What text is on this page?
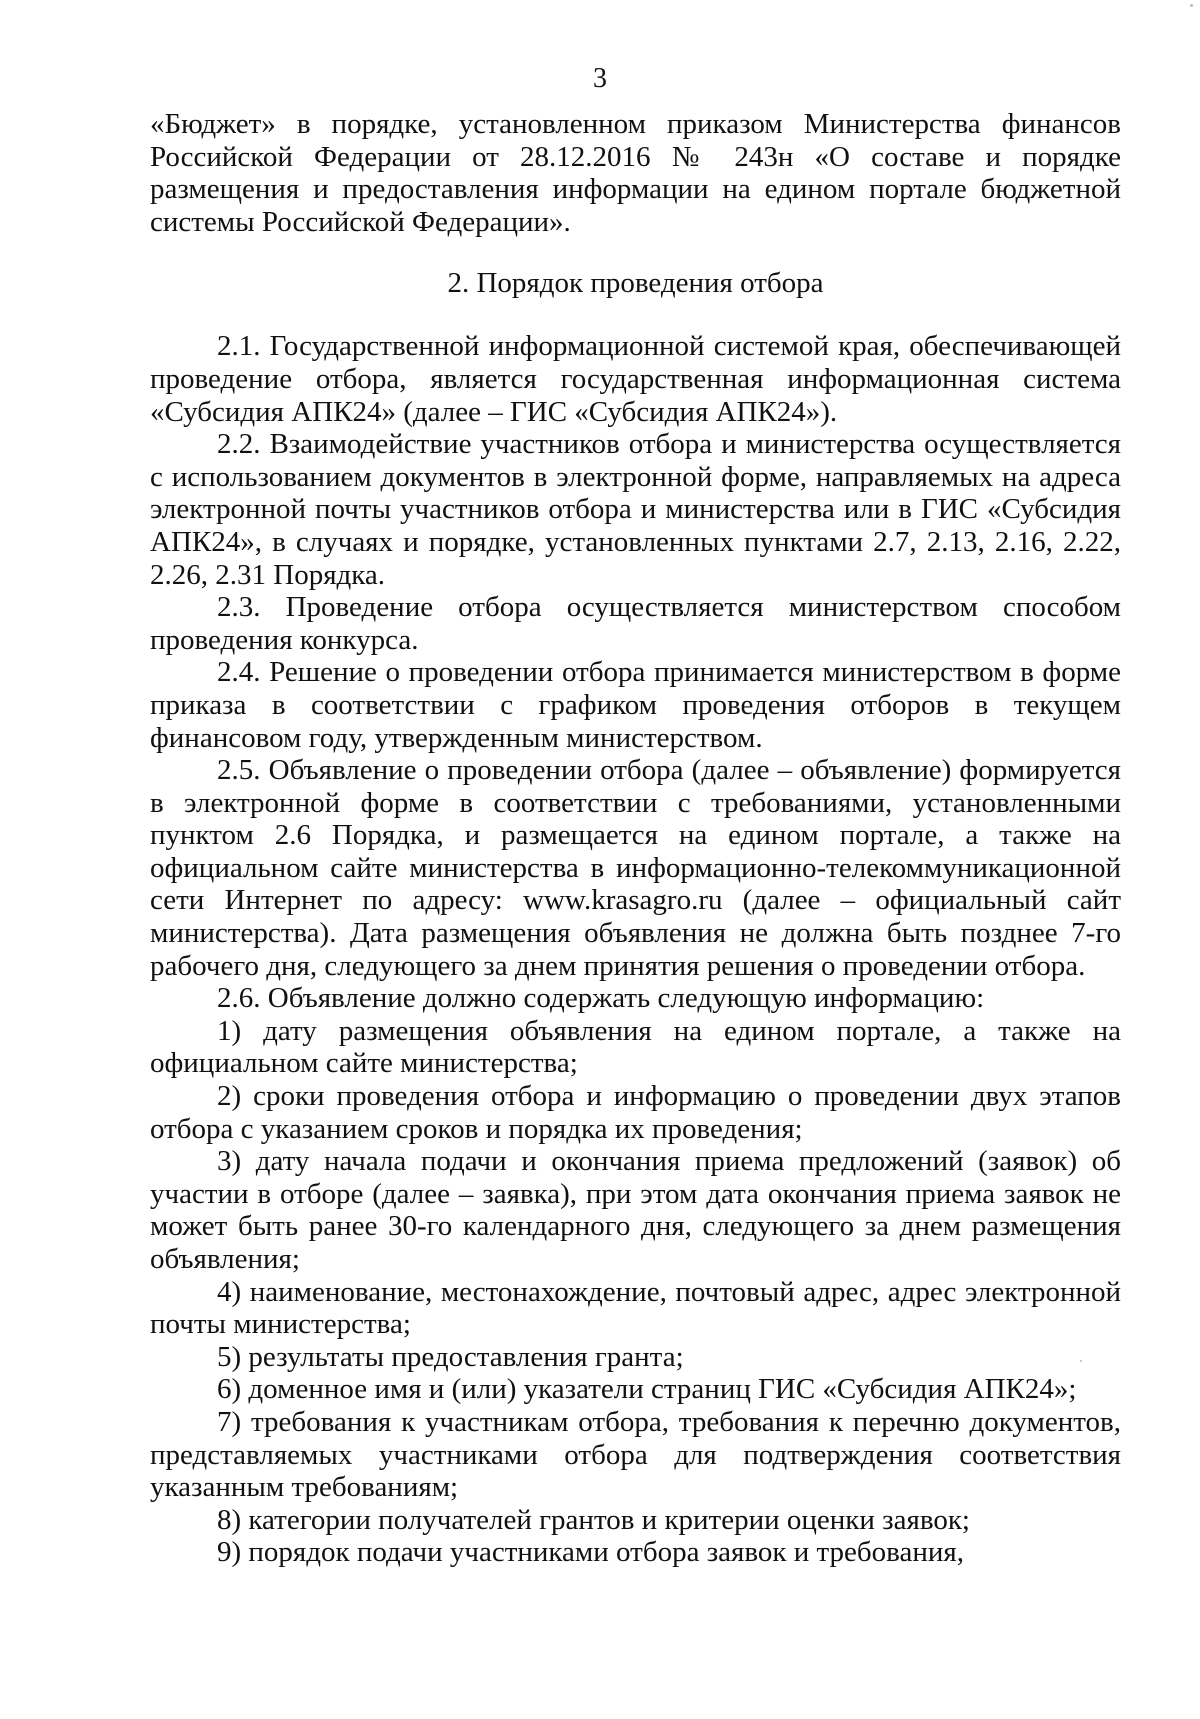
3

«Бюджет» в порядке, установленном приказом Министерства финансов Российской Федерации от 28.12.2016 № 243н «О составе и порядке размещения и предоставления информации на едином портале бюджетной системы Российской Федерации».

2. Порядок проведения отбора

2.1. Государственной информационной системой края, обеспечивающей проведение отбора, является государственная информационная система «Субсидия АПК24» (далее – ГИС «Субсидия АПК24»).

2.2. Взаимодействие участников отбора и министерства осуществляется с использованием документов в электронной форме, направляемых на адреса электронной почты участников отбора и министерства или в ГИС «Субсидия АПК24», в случаях и порядке, установленных пунктами 2.7, 2.13, 2.16, 2.22, 2.26, 2.31 Порядка.

2.3. Проведение отбора осуществляется министерством способом проведения конкурса.

2.4. Решение о проведении отбора принимается министерством в форме приказа в соответствии с графиком проведения отборов в текущем финансовом году, утвержденным министерством.

2.5. Объявление о проведении отбора (далее – объявление) формируется в электронной форме в соответствии с требованиями, установленными пунктом 2.6 Порядка, и размещается на едином портале, а также на официальном сайте министерства в информационно-телекоммуникационной сети Интернет по адресу: www.krasagro.ru (далее – официальный сайт министерства). Дата размещения объявления не должна быть позднее 7-го рабочего дня, следующего за днем принятия решения о проведении отбора.

2.6. Объявление должно содержать следующую информацию:

1) дату размещения объявления на едином портале, а также на официальном сайте министерства;

2) сроки проведения отбора и информацию о проведении двух этапов отбора с указанием сроков и порядка их проведения;

3) дату начала подачи и окончания приема предложений (заявок) об участии в отборе (далее – заявка), при этом дата окончания приема заявок не может быть ранее 30-го календарного дня, следующего за днем размещения объявления;

4) наименование, местонахождение, почтовый адрес, адрес электронной почты министерства;

5) результаты предоставления гранта;

6) доменное имя и (или) указатели страниц ГИС «Субсидия АПК24»;

7) требования к участникам отбора, требования к перечню документов, представляемых участниками отбора для подтверждения соответствия указанным требованиям;

8) категории получателей грантов и критерии оценки заявок;

9) порядок подачи участниками отбора заявок и требования,
